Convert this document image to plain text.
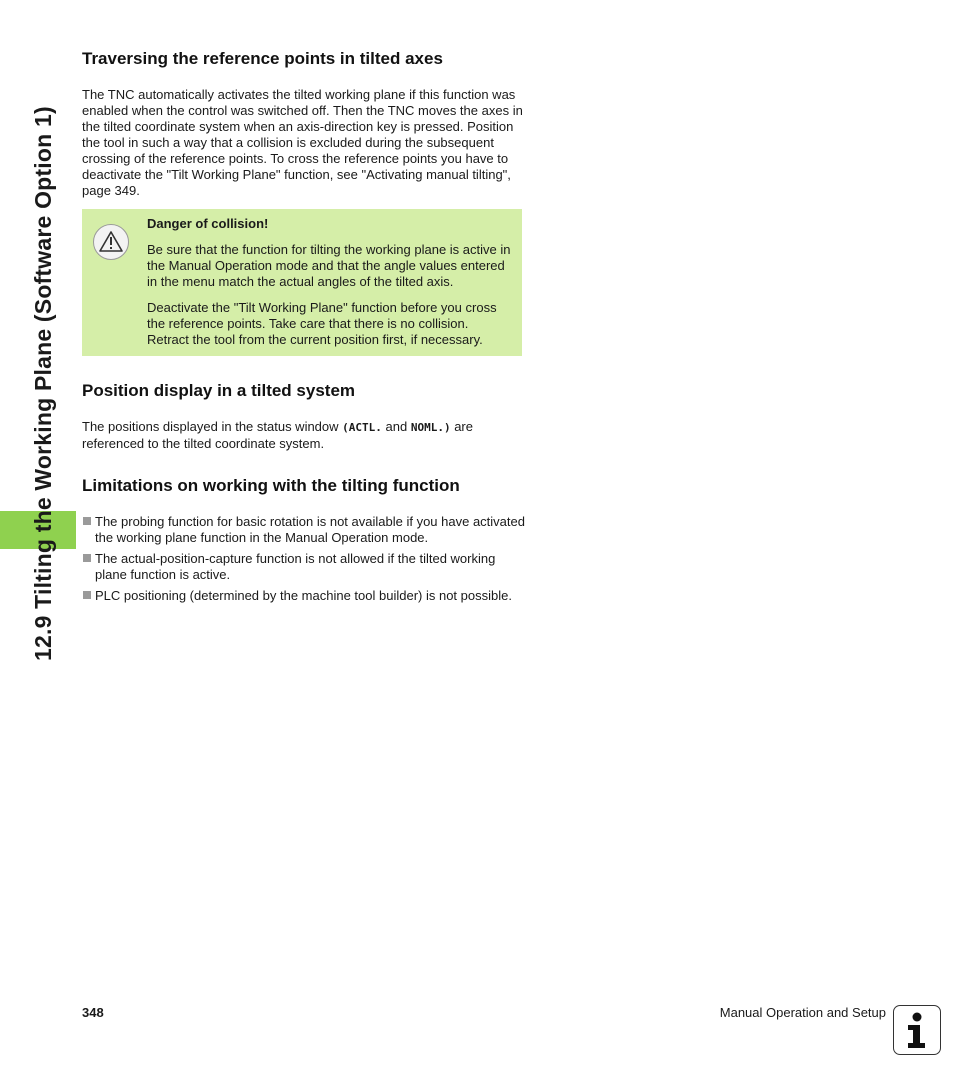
12.9 Tilting the Working Plane (Software Option 1)
Traversing the reference points in tilted axes

The TNC automatically activates the tilted working plane if this function was enabled when the control was switched off. Then the TNC moves the axes in the tilted coordinate system when an axis-direction key is pressed. Position the tool in such a way that a collision is excluded during the subsequent crossing of the reference points. To cross the reference points you have to deactivate the "Tilt Working Plane" function, see "Activating manual tilting", page 349.

Danger of collision!

Be sure that the function for tilting the working plane is active in the Manual Operation mode and that the angle values entered in the menu match the actual angles of the tilted axis.

Deactivate the "Tilt Working Plane" function before you cross the reference points. Take care that there is no collision. Retract the tool from the current position first, if necessary.

Position display in a tilted system

The positions displayed in the status window (ACTL. and NOML.) are referenced to the tilted coordinate system.

Limitations on working with the tilting function
The probing function for basic rotation is not available if you have activated the working plane function in the Manual Operation mode.
The actual-position-capture function is not allowed if the tilted working plane function is active.
PLC positioning (determined by the machine tool builder) is not possible.
348	Manual Operation and Setup
